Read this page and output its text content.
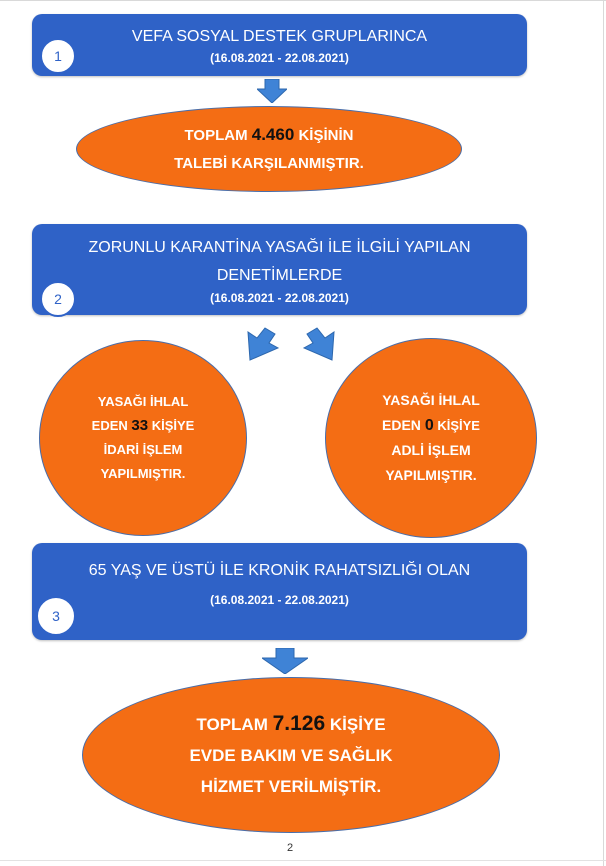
VEFA SOSYAL DESTEK GRUPLARINCA
(16.08.2021 - 22.08.2021)
1
TOPLAM 4.460 KİŞİNİN
TALEBİ KARŞILANMIŞTIR.
ZORUNLU KARANTİNA YASAĞI İLE İLGİLİ YAPILAN
DENETİMLERDE
(16.08.2021 - 22.08.2021)
2
YASAĞI İHLAL
EDEN 33 KİŞİYE
İDARİ İŞLEM
YAPILMIŞTIR.
YASAĞI İHLAL
EDEN 0 KİŞİYE
ADLİ İŞLEM
YAPILMIŞTIR.
65 YAŞ VE ÜSTÜ İLE KRONİK RAHATSIZLIĞI OLAN
(16.08.2021 - 22.08.2021)
3
TOPLAM 7.126 KİŞİYE
EVDE BAKIM VE SAĞLIK
HİZMET VERİLMİŞTİR.
2
